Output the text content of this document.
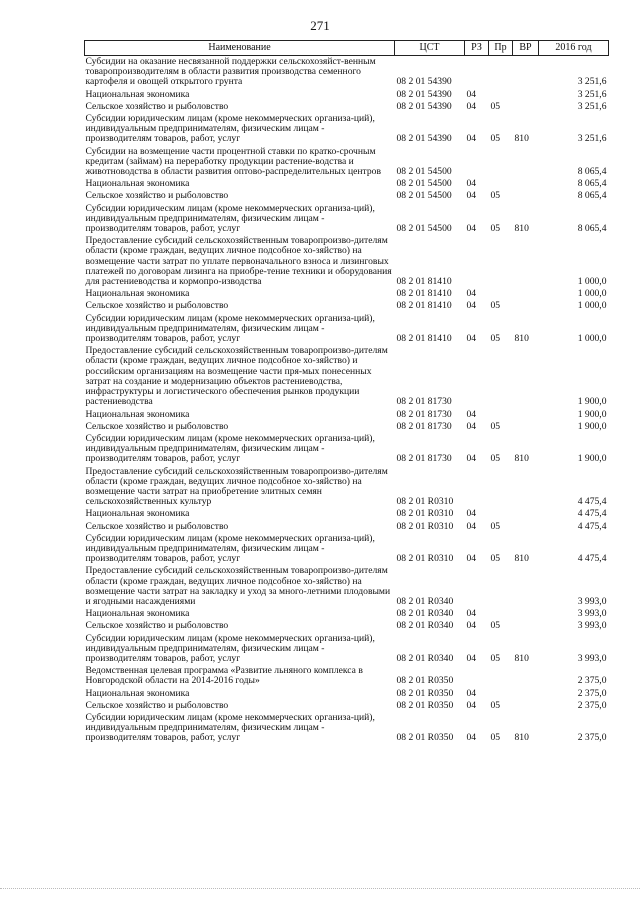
271
Наименование	ЦСТ	РЗ	Пр	ВР	2016 год
Субсидии на оказание несвязанной поддержки сельскохозяйст-венным товаропроизводителям в области развития производства семенного картофеля и овощей открытого грунта	08 2 01 54390				3 251,6
Национальная экономика	08 2 01 54390	04			3 251,6
Сельское хозяйство и рыболовство	08 2 01 54390	04	05		3 251,6
Субсидии юридическим лицам (кроме некоммерческих организа-ций), индивидуальным предпринимателям, физическим лицам - производителям товаров, работ, услуг	08 2 01 54390	04	05	810	3 251,6
Субсидии на возмещение части процентной ставки по кратко-срочным кредитам (займам) на переработку продукции растение-водства и животноводства в области развития оптово-распределительных центров	08 2 01 54500				8 065,4
Национальная экономика	08 2 01 54500	04			8 065,4
Сельское хозяйство и рыболовство	08 2 01 54500	04	05		8 065,4
Субсидии юридическим лицам (кроме некоммерческих организа-ций), индивидуальным предпринимателям, физическим лицам - производителям товаров, работ, услуг	08 2 01 54500	04	05	810	8 065,4
Предоставление субсидий сельскохозяйственным товаропроизво-дителям области (кроме граждан, ведущих личное подсобное хо-зяйство) на возмещение части затрат по уплате первоначального взноса и лизинговых платежей по договорам лизинга на приобре-тение техники и оборудования для растениеводства и кормопро-изводства	08 2 01 81410				1 000,0
Национальная экономика	08 2 01 81410	04			1 000,0
Сельское хозяйство и рыболовство	08 2 01 81410	04	05		1 000,0
Субсидии юридическим лицам (кроме некоммерческих организа-ций), индивидуальным предпринимателям, физическим лицам - производителям товаров, работ, услуг	08 2 01 81410	04	05	810	1 000,0
Предоставление субсидий сельскохозяйственным товаропроизво-дителям области (кроме граждан, ведущих личное подсобное хо-зяйство) и российским организациям на возмещение части пря-мых понесенных затрат на создание и модернизацию объектов растениеводства, инфраструктуры и логистического обеспечения рынков продукции растениеводства	08 2 01 81730				1 900,0
Национальная экономика	08 2 01 81730	04			1 900,0
Сельское хозяйство и рыболовство	08 2 01 81730	04	05		1 900,0
Субсидии юридическим лицам (кроме некоммерческих организа-ций), индивидуальным предпринимателям, физическим лицам - производителям товаров, работ, услуг	08 2 01 81730	04	05	810	1 900,0
Предоставление субсидий сельскохозяйственным товаропроизво-дителям области (кроме граждан, ведущих личное подсобное хо-зяйство) на возмещение части затрат на приобретение элитных семян сельскохозяйственных культур	08 2 01 R0310				4 475,4
Национальная экономика	08 2 01 R0310	04			4 475,4
Сельское хозяйство и рыболовство	08 2 01 R0310	04	05		4 475,4
Субсидии юридическим лицам (кроме некоммерческих организа-ций), индивидуальным предпринимателям, физическим лицам - производителям товаров, работ, услуг	08 2 01 R0310	04	05	810	4 475,4
Предоставление субсидий сельскохозяйственным товаропроизво-дителям области (кроме граждан, ведущих личное подсобное хо-зяйство) на возмещение части затрат на закладку и уход за много-летними плодовыми и ягодными насаждениями	08 2 01 R0340				3 993,0
Национальная экономика	08 2 01 R0340	04			3 993,0
Сельское хозяйство и рыболовство	08 2 01 R0340	04	05		3 993,0
Субсидии юридическим лицам (кроме некоммерческих организа-ций), индивидуальным предпринимателям, физическим лицам - производителям товаров, работ, услуг	08 2 01 R0340	04	05	810	3 993,0
Ведомственная целевая программа «Развитие льняного комплекса в Новгородской области на 2014-2016 годы»	08 2 01 R0350				2 375,0
Национальная экономика	08 2 01 R0350	04			2 375,0
Сельское хозяйство и рыболовство	08 2 01 R0350	04	05		2 375,0
Субсидии юридическим лицам (кроме некоммерческих организа-ций), индивидуальным предпринимателям, физическим лицам - производителям товаров, работ, услуг	08 2 01 R0350	04	05	810	2 375,0
